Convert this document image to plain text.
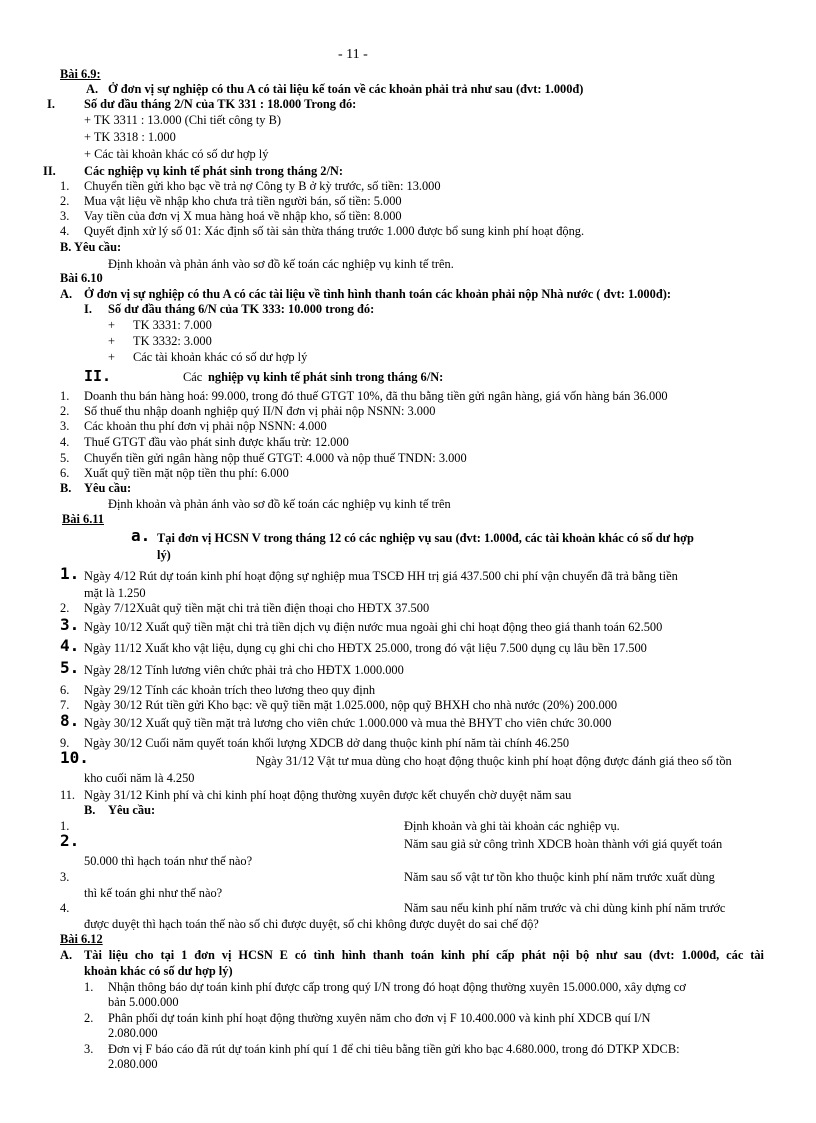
- 11 -
Bài 6.9:
A. Ở đơn vị sự nghiệp có thu A có tài liệu kế toán về các khoản phải trả như sau (đvt: 1.000đ)
I. Số dư đầu tháng 2/N của TK 331 : 18.000 Trong đó:
+ TK 3311 : 13.000 (Chi tiết công ty B)
+ TK 3318 : 1.000
+ Các tài khoản khác có số dư hợp lý
II. Các nghiệp vụ kinh tế phát sinh trong tháng 2/N:
1. Chuyển tiền gửi kho bạc về trả nợ Công ty B ở kỳ trước, số tiền: 13.000
2. Mua vật liệu về nhập kho chưa trả tiền người bán, số tiền: 5.000
3. Vay tiền của đơn vị X mua hàng hoá về nhập kho, số tiền: 8.000
4. Quyết định xử lý số 01: Xác định số tài sản thừa tháng trước 1.000 được bổ sung kinh phí hoạt động.
B. Yêu cầu:
Định khoản và phản ánh vào sơ đồ kế toán các nghiệp vụ kinh tế trên.
Bài 6.10
A. Ở đơn vị sự nghiệp có thu A có các tài liệu về tình hình thanh toán các khoản phải nộp Nhà nước ( đvt: 1.000đ):
I. Số dư đầu tháng 6/N của TK 333: 10.000 trong đó:
+ TK 3331: 7.000
+ TK 3332: 3.000
+ Các tài khoản khác có số dư hợp lý
II.	Các nghiệp vụ kinh tế phát sinh trong tháng 6/N:
1. Doanh thu bán hàng hoá: 99.000, trong đó thuế GTGT 10%, đã thu bằng tiền gửi ngân hàng, giá vốn hàng bán 36.000
2. Số thuế thu nhập doanh nghiệp quý II/N đơn vị phải nộp NSNN: 3.000
3. Các khoản thu phí đơn vị phải nộp NSNN: 4.000
4. Thuế GTGT đầu vào phát sinh được khấu trừ: 12.000
5. Chuyển tiền gửi ngân hàng nộp thuế GTGT: 4.000 và nộp thuế TNDN: 3.000
6. Xuất quỹ tiền mặt nộp tiền thu phí: 6.000
B. Yêu cầu:
Định khoản và phản ánh vào sơ đồ kế toán các nghiệp vụ kinh tế trên
Bài 6.11
a. Tại đơn vị HCSN V trong tháng 12 có các nghiệp vụ sau (đvt: 1.000đ, các tài khoản khác có số dư hợp
lý)
1. Ngày 4/12 Rút dự toán kinh phí hoạt động sự nghiệp mua TSCĐ HH trị giá 437.500 chi phí vận chuyển đã trả bằng tiền
mặt là 1.250
2. Ngày 7/12Xuât quỹ tiền mặt chi trả tiền điện thoại cho HĐTX 37.500
3. Ngày 10/12 Xuất quỹ tiền mặt chi trả tiền dịch vụ điện nước mua ngoài ghi chi hoạt động theo giá thanh toán 62.500
4. Ngày 11/12 Xuất kho vật liệu, dụng cụ ghi chi cho HĐTX 25.000, trong đó vật liệu 7.500 dụng cụ lâu bền 17.500
5. Ngày 28/12 Tính lương viên chức phải trả cho HĐTX 1.000.000
6. Ngày 29/12 Tính các khoản trích theo lương theo quy định
7. Ngày 30/12 Rút tiền gửi Kho bạc: về quỹ tiền mặt 1.025.000, nộp quỹ BHXH cho nhà nước (20%) 200.000
8. Ngày 30/12 Xuất quỹ tiền mặt trả lương cho viên chức 1.000.000 và mua thẻ BHYT cho viên chức 30.000
9. Ngày 30/12 Cuối năm quyết toán khối lượng XDCB dở dang thuộc kinh phí năm tài chính 46.250
10.	Ngày 31/12 Vật tư mua dùng cho hoạt động thuộc kinh phí hoạt động được đánh giá theo số tồn
kho cuối năm là 4.250
11. Ngày 31/12 Kinh phí và chi kinh phí hoạt động thường xuyên được kết chuyển chờ duyệt năm sau
B. Yêu cầu:
1.	Định khoản và ghi tài khoản các nghiệp vụ.
2.	Năm sau giả sử công trình XDCB hoàn thành với giá quyết toán
50.000 thì hạch toán như thế nào?
3.	Năm sau số vật tư tồn kho thuộc kinh phí năm trước xuất dùng
thì kế toán ghi như thế nào?
4.	Năm sau nếu kinh phí năm trước và chi dùng kinh phí năm trước
được duyệt thì hạch toán thế nào số chi được duyệt, số chi không được duyệt do sai chế độ?
Bài 6.12
A. Tài liệu cho tại 1 đơn vị HCSN E có tình hình thanh toán kinh phí cấp phát nội bộ như sau (đvt: 1.000đ, các tài
khoản khác có số dư hợp lý)
1. Nhận thông báo dự toán kinh phí được cấp trong quý I/N trong đó hoạt động thường xuyên 15.000.000, xây dựng cơ
bản 5.000.000
2. Phân phối dự toán kinh phí hoạt động thường xuyên năm cho đơn vị F 10.400.000 và kinh phí XDCB quí I/N
2.080.000
3. Đơn vị F báo cáo đã rút dự toán kinh phí quí 1 để chi tiêu bằng tiền gửi kho bạc 4.680.000, trong đó DTKP XDCB:
2.080.000
